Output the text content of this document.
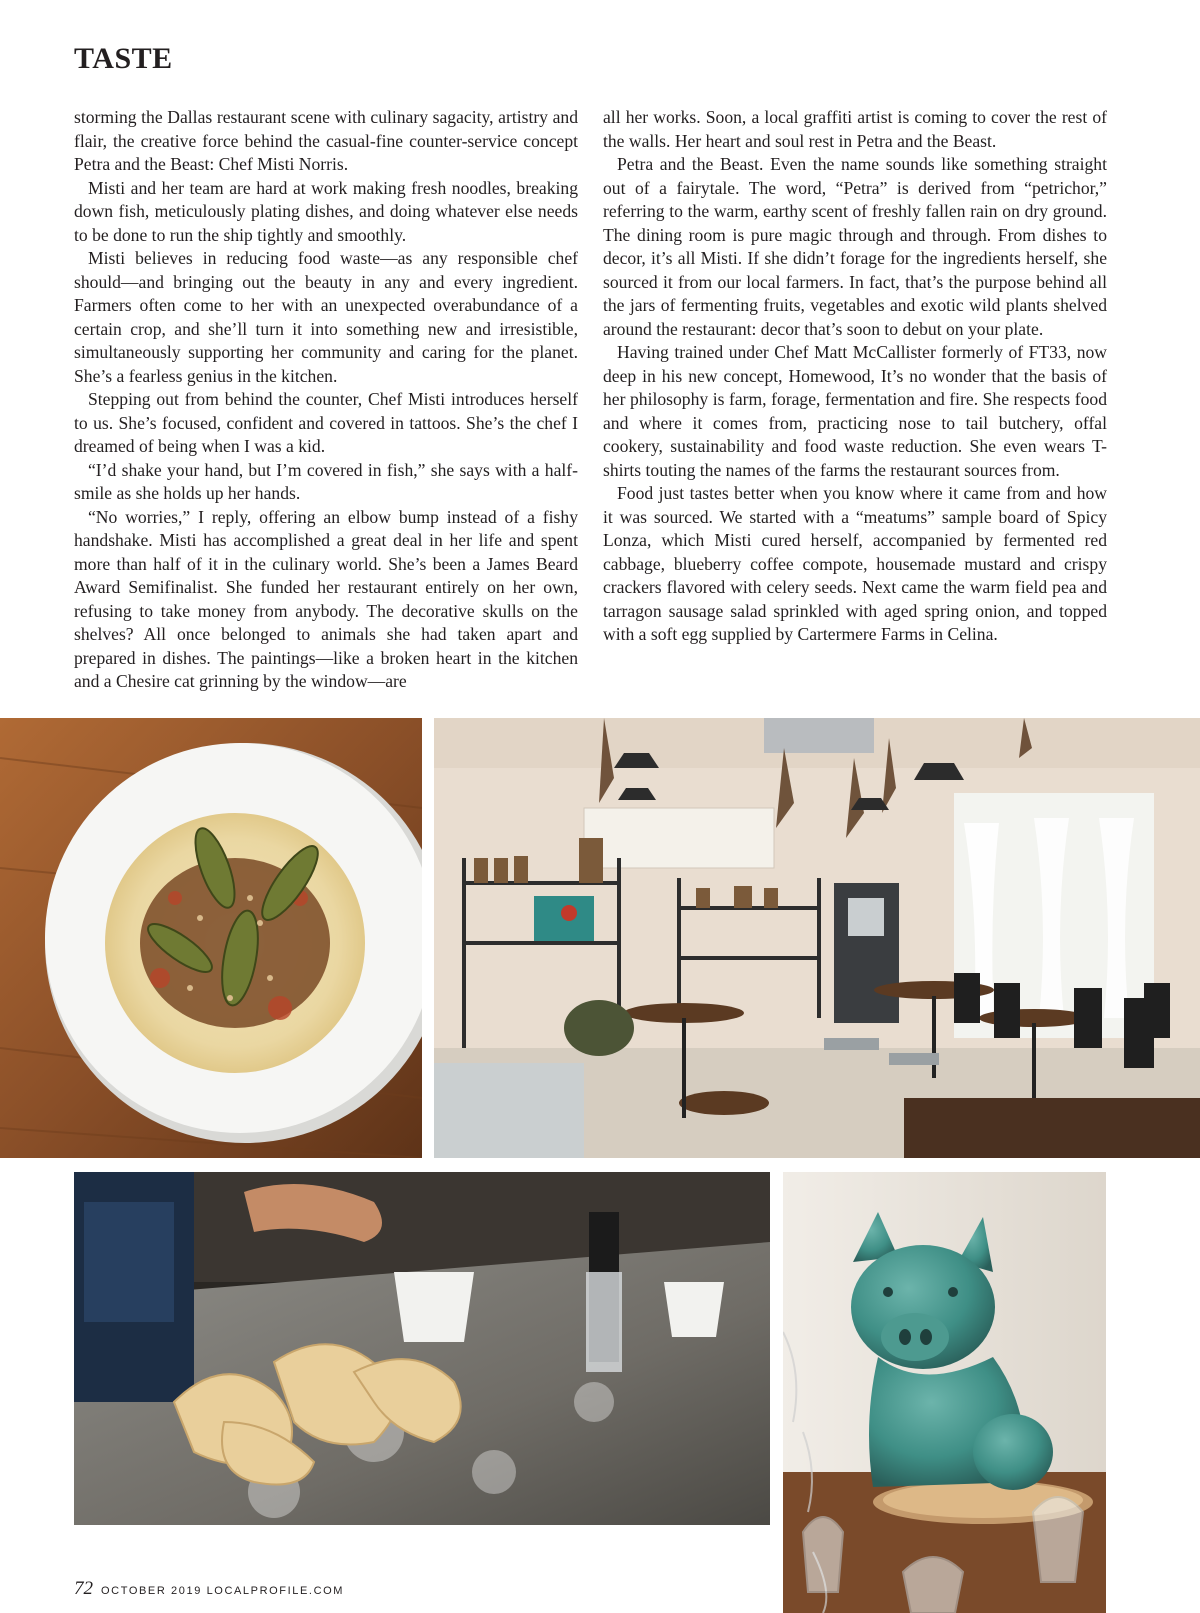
TASTE

storming the Dallas restaurant scene with culinary sagacity, artistry and flair, the creative force behind the casual-fine counter-service concept Petra and the Beast: Chef Misti Norris.

Misti and her team are hard at work making fresh noodles, breaking down fish, meticulously plating dishes, and doing whatever else needs to be done to run the ship tightly and smoothly.

Misti believes in reducing food waste—as any responsible chef should—and bringing out the beauty in any and every ingredient. Farmers often come to her with an unexpected overabundance of a certain crop, and she’ll turn it into something new and irresistible, simultaneously supporting her community and caring for the planet. She’s a fearless genius in the kitchen.

Stepping out from behind the counter, Chef Misti introduces herself to us. She’s focused, confident and covered in tattoos. She’s the chef I dreamed of being when I was a kid.

“I’d shake your hand, but I’m covered in fish,” she says with a half-smile as she holds up her hands.

“No worries,” I reply, offering an elbow bump instead of a fishy handshake. Misti has accomplished a great deal in her life and spent more than half of it in the culinary world. She’s been a James Beard Award Semifinalist. She funded her restaurant entirely on her own, refusing to take money from anybody. The decorative skulls on the shelves? All once belonged to animals she had taken apart and prepared in dishes. The paintings—like a broken heart in the kitchen and a Chesire cat grinning by the window—are

all her works. Soon, a local graffiti artist is coming to cover the rest of the walls. Her heart and soul rest in Petra and the Beast.

Petra and the Beast. Even the name sounds like something straight out of a fairytale. The word, “Petra” is derived from “petrichor,” referring to the warm, earthy scent of freshly fallen rain on dry ground. The dining room is pure magic through and through. From dishes to decor, it’s all Misti. If she didn’t forage for the ingredients herself, she sourced it from our local farmers. In fact, that’s the purpose behind all the jars of fermenting fruits, vegetables and exotic wild plants shelved around the restaurant: decor that’s soon to debut on your plate.

Having trained under Chef Matt McCallister formerly of FT33, now deep in his new concept, Homewood, It’s no wonder that the basis of her philosophy is farm, forage, fermentation and fire. She respects food and where it comes from, practicing nose to tail butchery, offal cookery, sustainability and food waste reduction. She even wears T-shirts touting the names of the farms the restaurant sources from.

Food just tastes better when you know where it came from and how it was sourced. We started with a “meatums” sample board of Spicy Lonza, which Misti cured herself, accompanied by fermented red cabbage, blueberry coffee compote, housemade mustard and crispy crackers flavored with celery seeds. Next came the warm field pea and tarragon sausage salad sprinkled with aged spring onion, and topped with a soft egg supplied by Cartermere Farms in Celina.

72 OCTOBER 2019 LOCALPROFILE.COM
